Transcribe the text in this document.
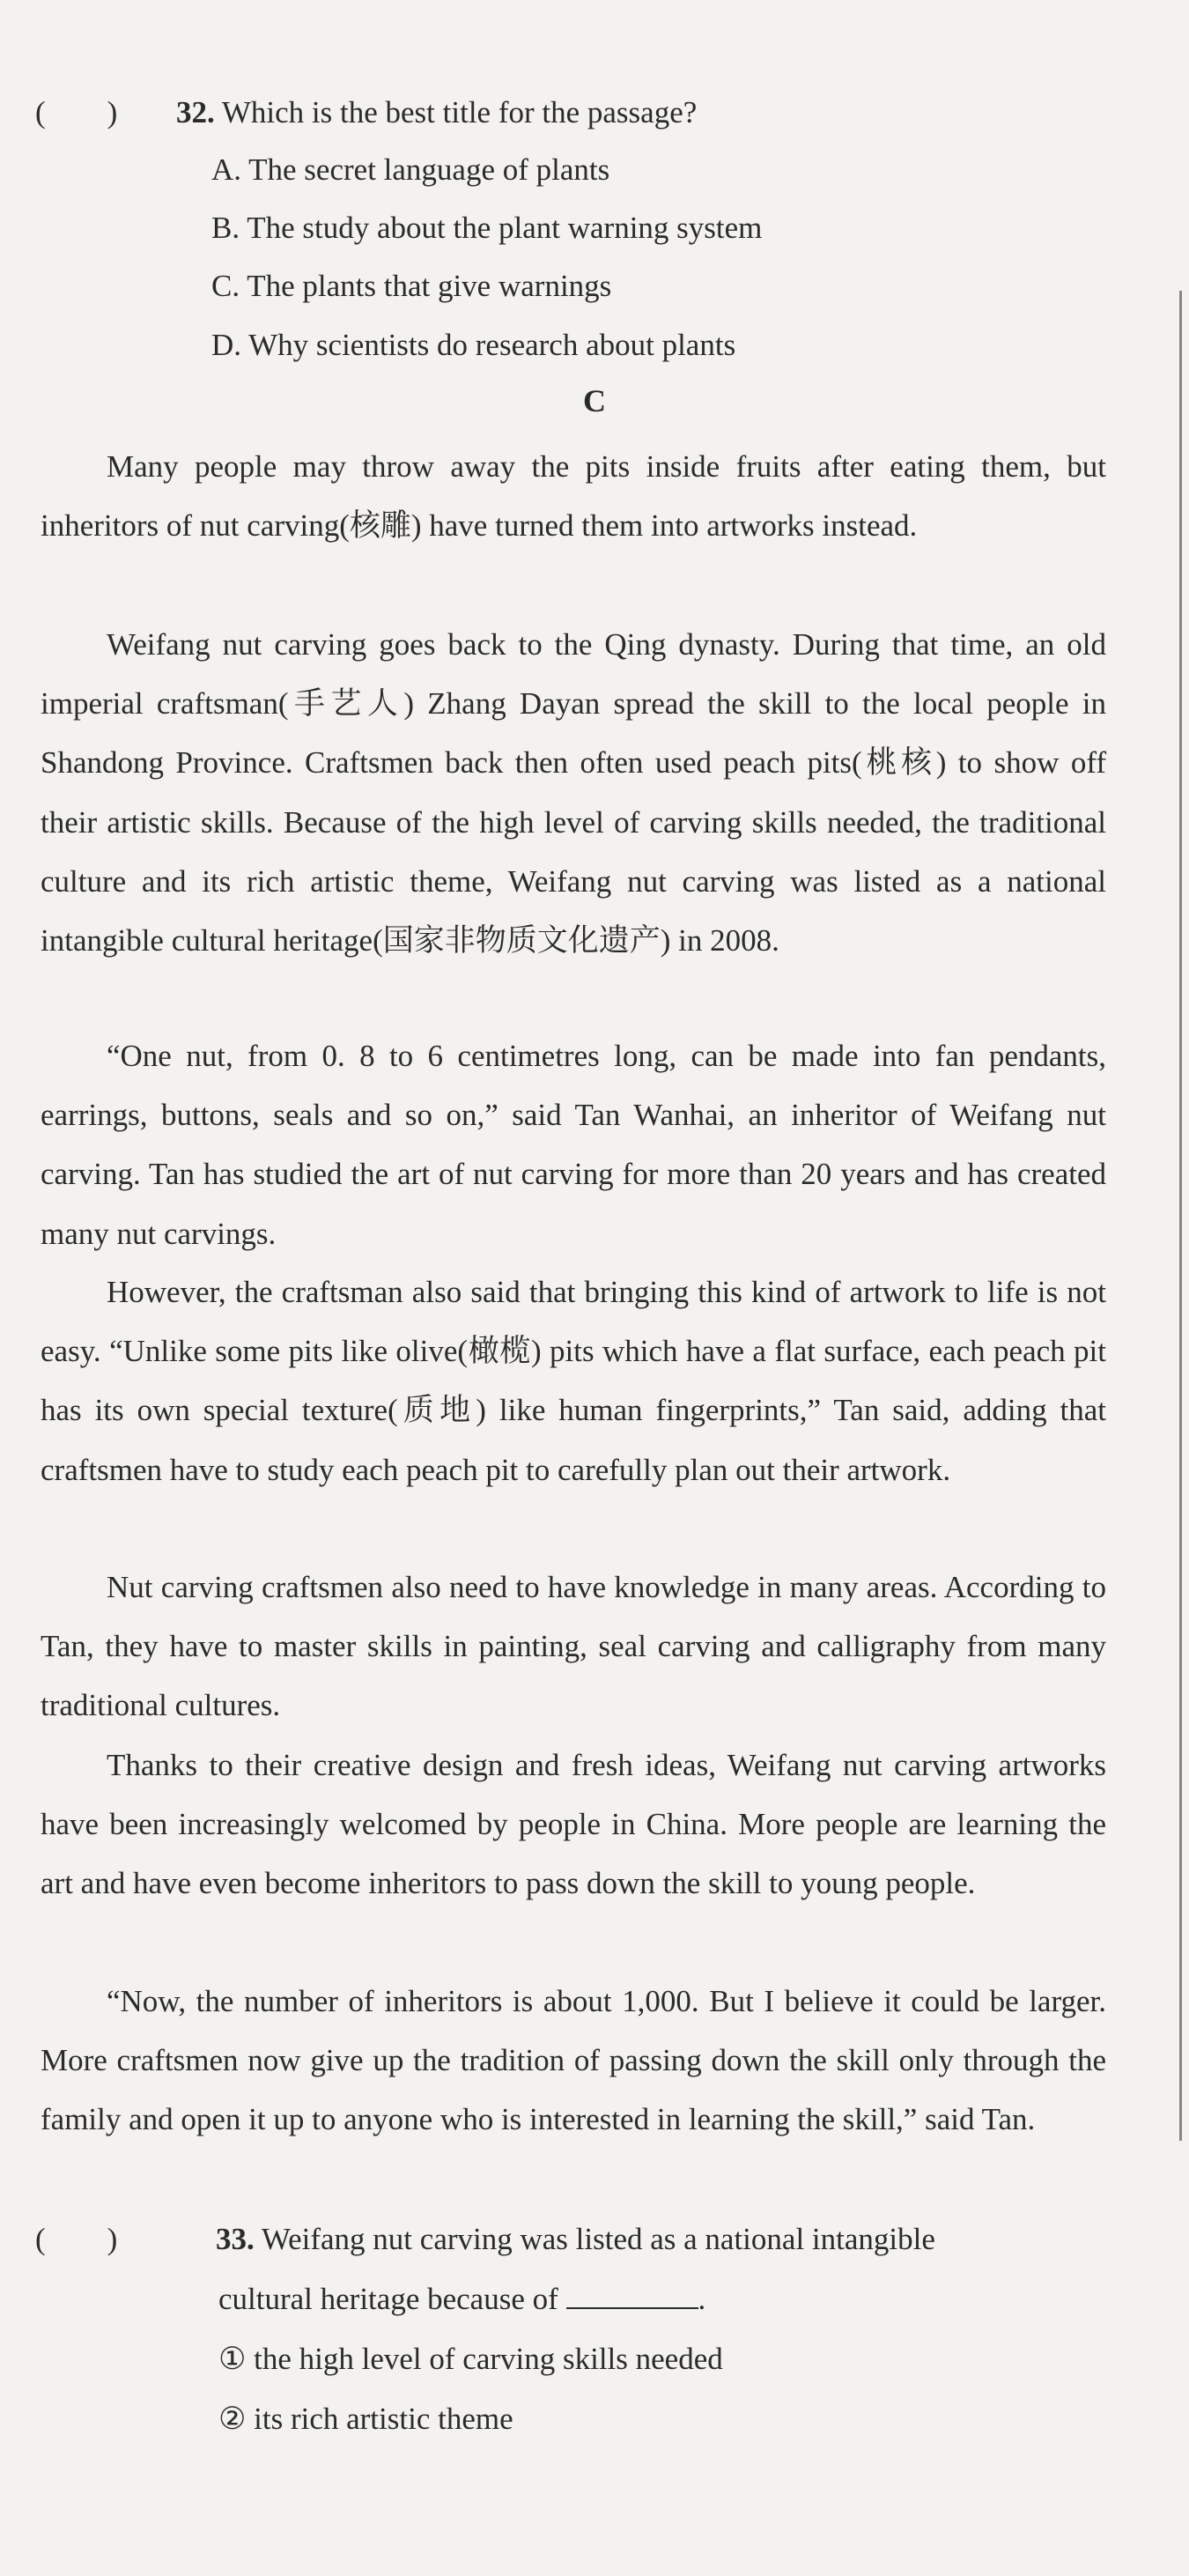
(　　) 32. Which is the best title for the passage?
A. The secret language of plants
B. The study about the plant warning system
C. The plants that give warnings
D. Why scientists do research about plants
C
Many people may throw away the pits inside fruits after eating them, but inheritors of nut carving(核雕) have turned them into artworks instead.
Weifang nut carving goes back to the Qing dynasty. During that time, an old imperial craftsman(手艺人) Zhang Dayan spread the skill to the local people in Shandong Province. Craftsmen back then often used peach pits(桃核) to show off their artistic skills. Because of the high level of carving skills needed, the traditional culture and its rich artistic theme, Weifang nut carving was listed as a national intangible cultural heritage(国家非物质文化遗产) in 2008.
“One nut, from 0. 8 to 6 centimetres long, can be made into fan pendants, earrings, buttons, seals and so on,” said Tan Wanhai, an inheritor of Weifang nut carving. Tan has studied the art of nut carving for more than 20 years and has created many nut carvings.
However, the craftsman also said that bringing this kind of artwork to life is not easy. “Unlike some pits like olive(橄榄) pits which have a flat surface, each peach pit has its own special texture(质地) like human fingerprints,” Tan said, adding that craftsmen have to study each peach pit to carefully plan out their artwork.
Nut carving craftsmen also need to have knowledge in many areas. According to Tan, they have to master skills in painting, seal carving and calligraphy from many traditional cultures.
Thanks to their creative design and fresh ideas, Weifang nut carving artworks have been increasingly welcomed by people in China. More people are learning the art and have even become inheritors to pass down the skill to young people.
“Now, the number of inheritors is about 1,000. But I believe it could be larger. More craftsmen now give up the tradition of passing down the skill only through the family and open it up to anyone who is interested in learning the skill,” said Tan.
(　　)	33. Weifang nut carving was listed as a national intangible
cultural heritage because of	.
① the high level of carving skills needed
② its rich artistic theme
